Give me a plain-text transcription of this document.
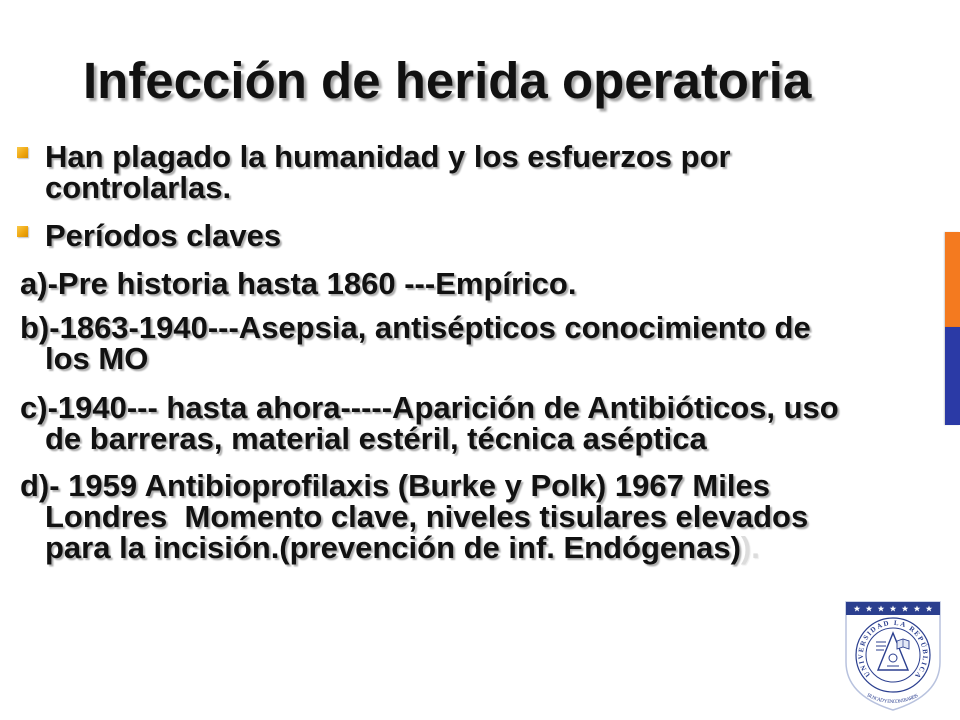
Infección de herida operatoria
Han plagado la humanidad y los esfuerzos por
controlarlas.
Períodos claves
a)-Pre historia hasta 1860 ---Empírico.
b)-1863-1940---Asepsia, antisépticos conocimiento de
los MO
c)-1940--- hasta ahora-----Aparición de Antibióticos, uso
de barreras, material estéril, técnica aséptica
d)- 1959 Antibioprofilaxis (Burke y Polk) 1967 Miles
Londres  Momento clave, niveles tisulares elevados
para la incisión.(prevención de inf. Endógenas)).
UNIVERSIDAD LA REPÚBLICA
BUSCAD Y ENCONTRAREIS
